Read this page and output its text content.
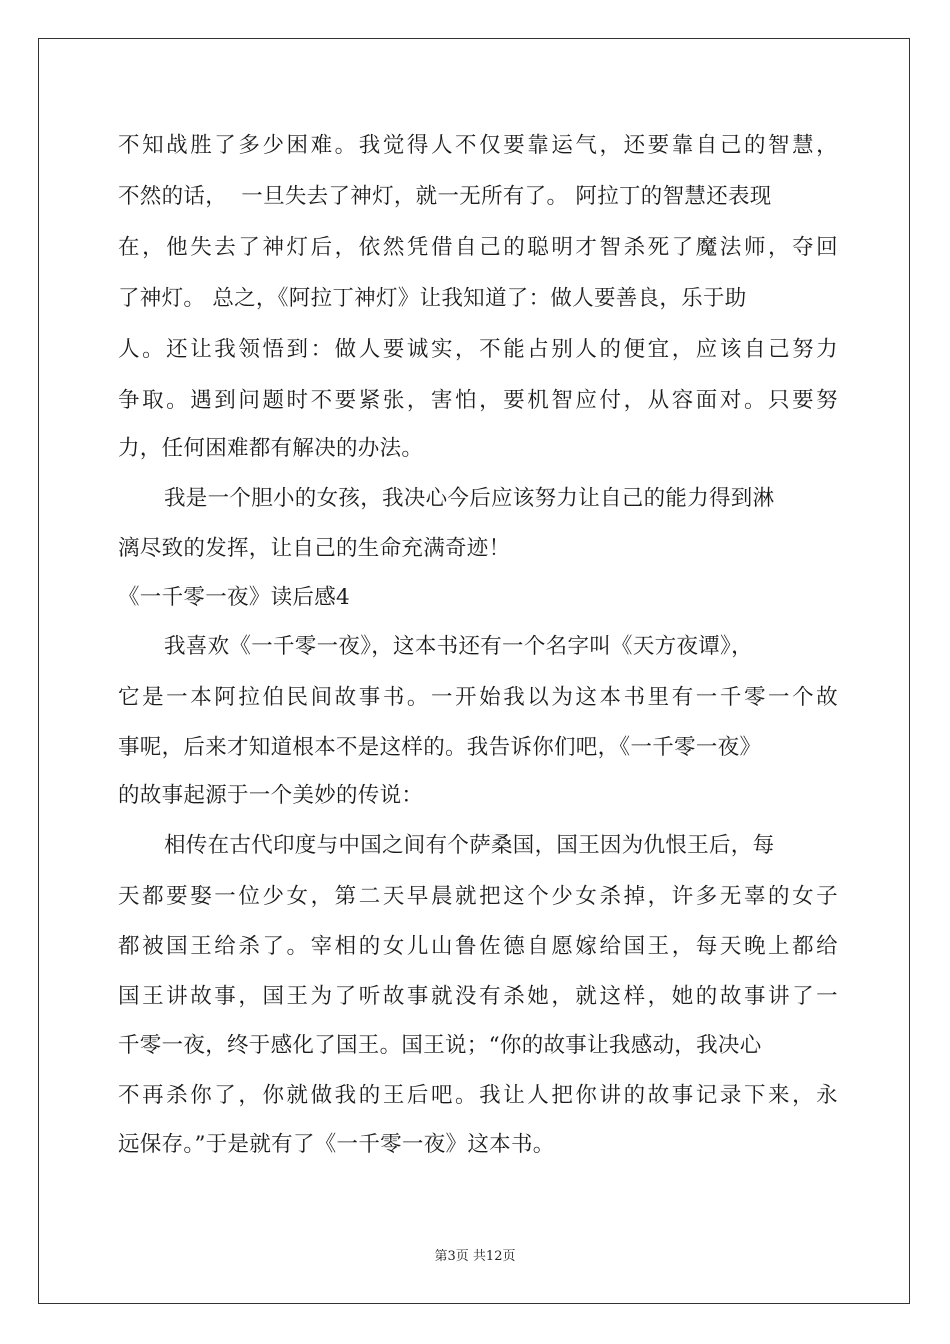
不知战胜了多少困难。我觉得人不仅要靠运气，还要靠自己的智慧，
不然的话，  一旦失去了神灯，就一无所有了。 阿拉丁的智慧还表现
在，他失去了神灯后，依然凭借自己的聪明才智杀死了魔法师，夺回
了神灯。 总之，《阿拉丁神灯》让我知道了：做人要善良，乐于助
人。还让我领悟到：做人要诚实，不能占别人的便宜，应该自己努力
争取。遇到问题时不要紧张，害怕，要机智应付，从容面对。只要努
力，任何困难都有解决的办法。
我是一个胆小的女孩，我决心今后应该努力让自己的能力得到淋
漓尽致的发挥，让自己的生命充满奇迹！
《一千零一夜》读后感4
我喜欢《一千零一夜》，这本书还有一个名字叫《天方夜谭》，
它是一本阿拉伯民间故事书。一开始我以为这本书里有一千零一个故
事呢，后来才知道根本不是这样的。我告诉你们吧，《一千零一夜》
的故事起源于一个美妙的传说：
相传在古代印度与中国之间有个萨桑国，国王因为仇恨王后，每
天都要娶一位少女，第二天早晨就把这个少女杀掉，许多无辜的女子
都被国王给杀了。宰相的女儿山鲁佐德自愿嫁给国王，每天晚上都给
国王讲故事，国王为了听故事就没有杀她，就这样，她的故事讲了一
千零一夜，终于感化了国王。国王说；“你的故事让我感动，我决心
不再杀你了，你就做我的王后吧。我让人把你讲的故事记录下来，永
远保存。”于是就有了《一千零一夜》这本书。
第3页 共12页
